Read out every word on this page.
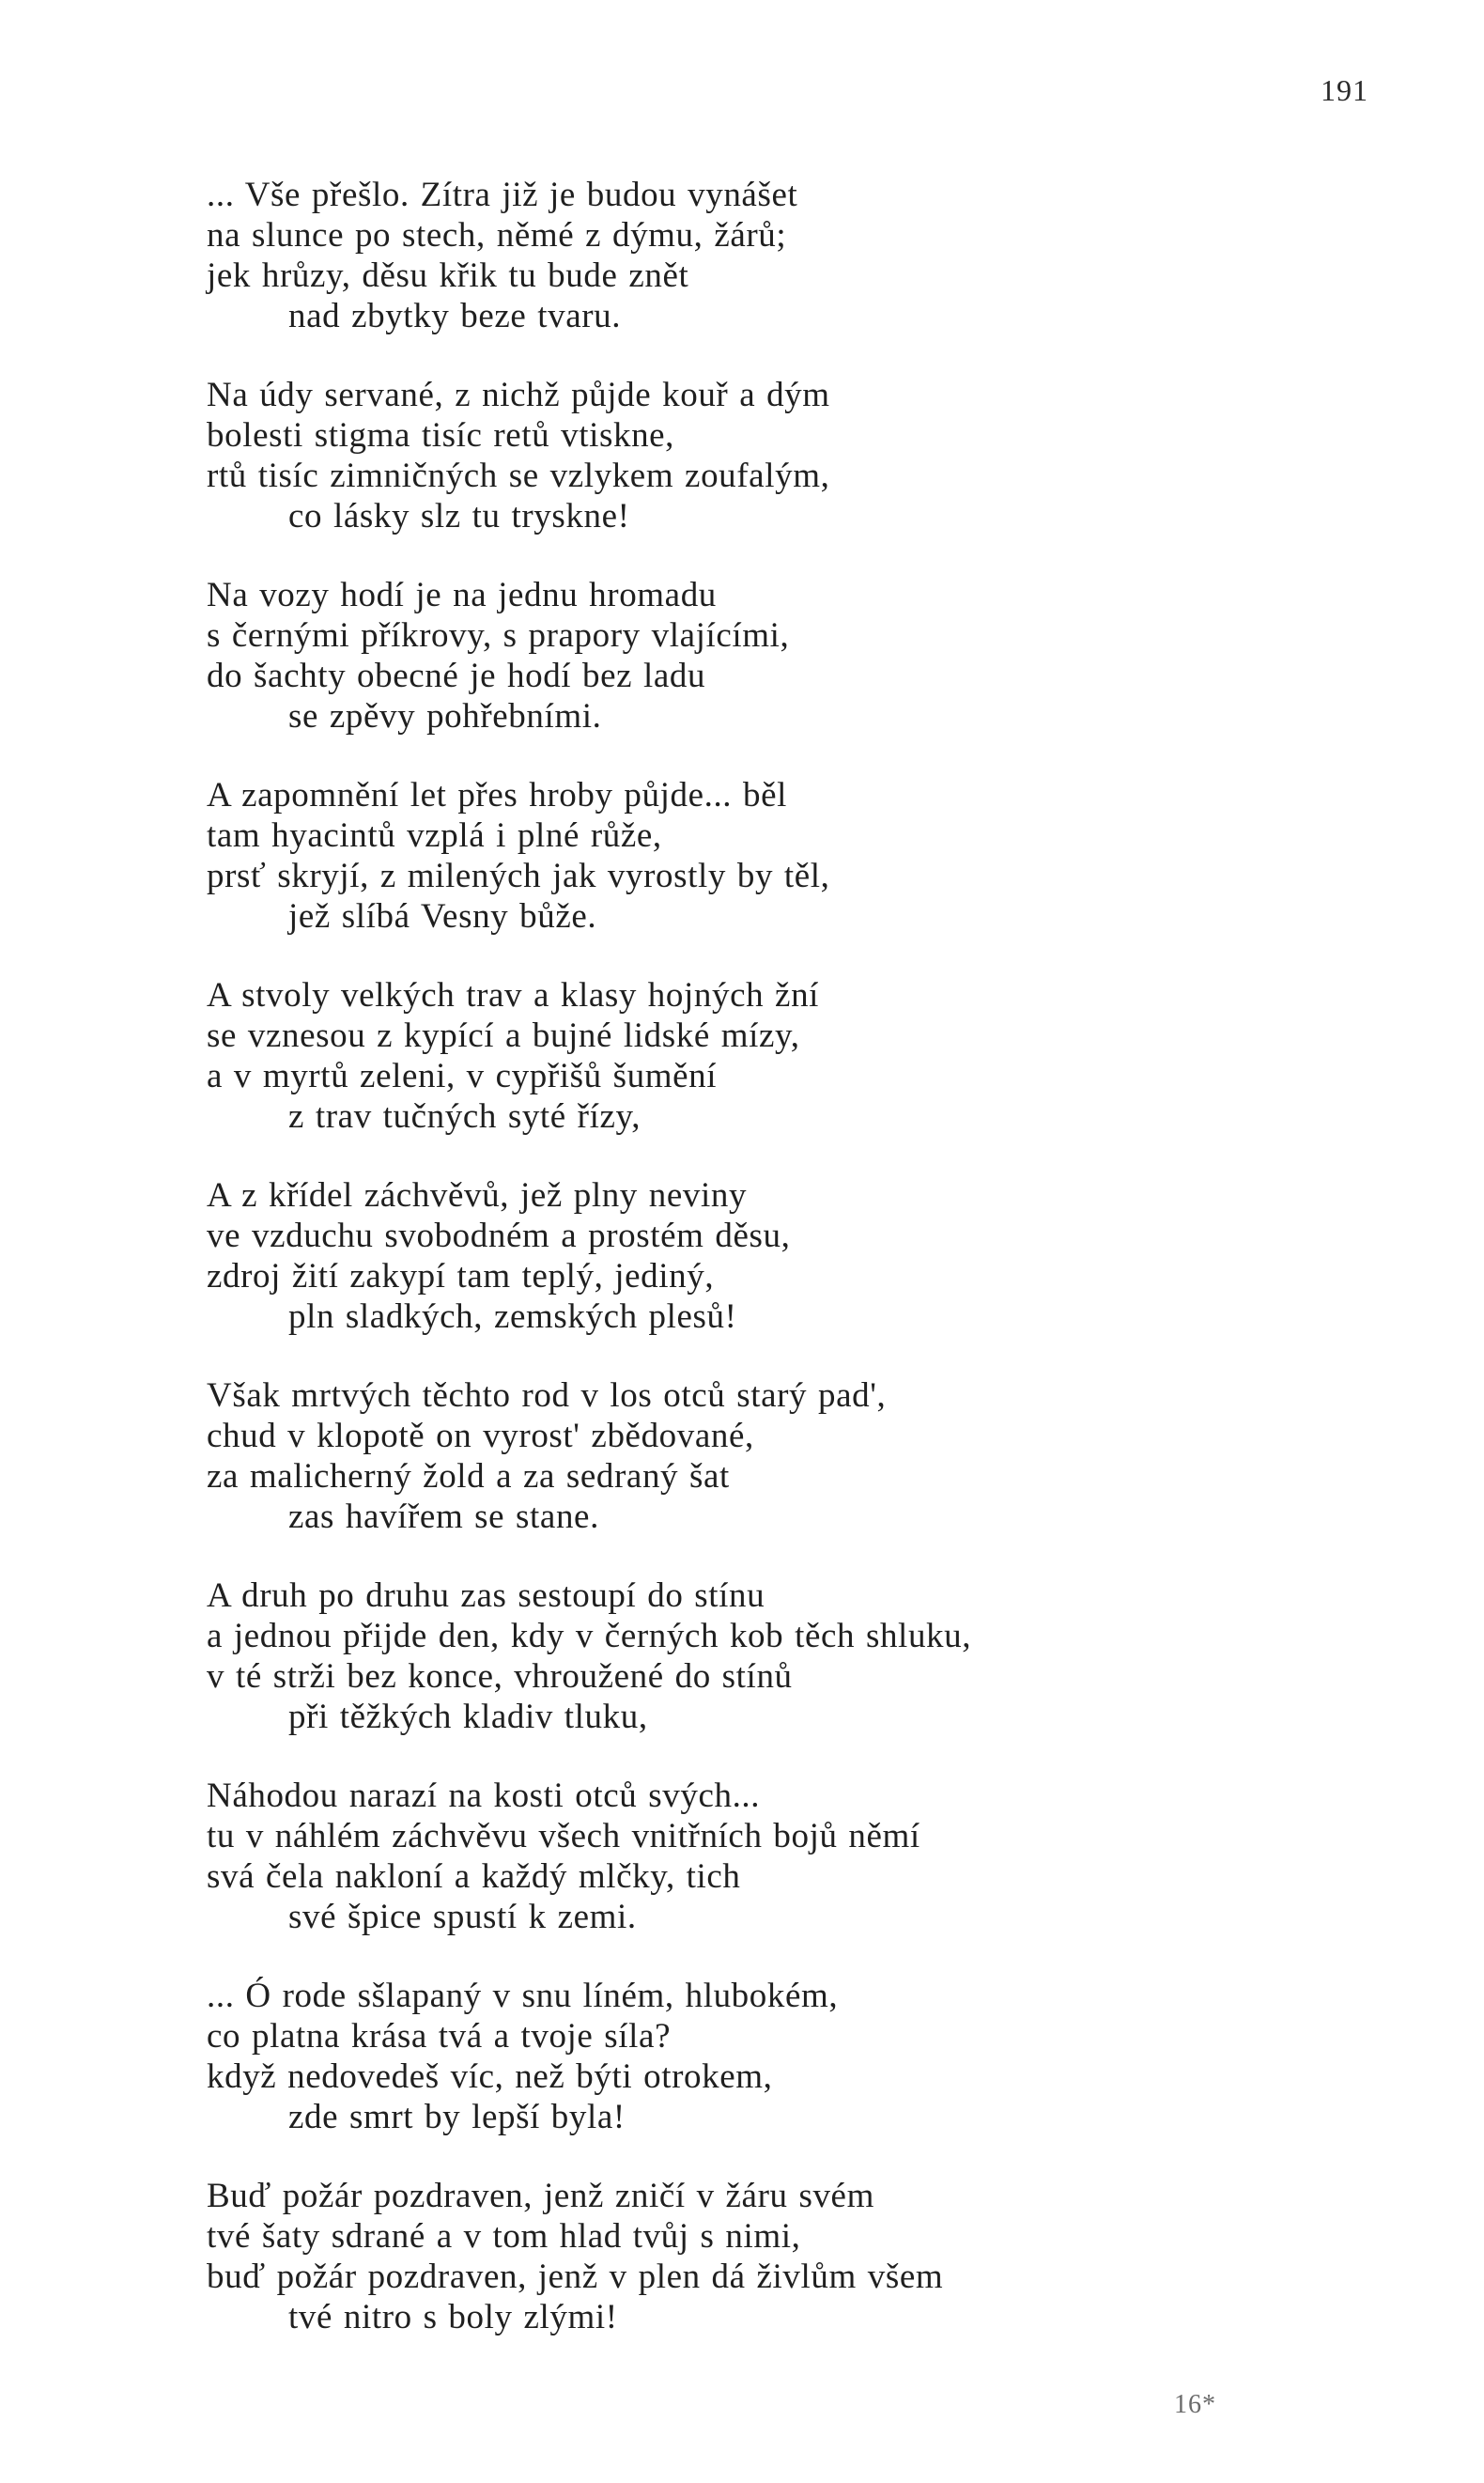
191
... Vše přešlo. Zítra již je budou vynášet
na slunce po stech, němé z dýmu, žárů;
jek hrůzy, děsu křik tu bude znět
nad zbytky beze tvaru.
Na údy servané, z nichž půjde kouř a dým
bolesti stigma tisíc retů vtiskne,
rtů tisíc zimničných se vzlykem zoufalým,
co lásky slz tu tryskne!
Na vozy hodí je na jednu hromadu
s černými příkrovy, s prapory vlajícími,
do šachty obecné je hodí bez ladu
se zpěvy pohřebními.
A zapomnění let přes hroby půjde... běl
tam hyacintů vzplá i plné růže,
prsť skryjí, z milených jak vyrostly by těl,
jež slíbá Vesny bůže.
A stvoly velkých trav a klasy hojných žní
se vznesou z kypící a bujné lidské mízy,
a v myrtů zeleni, v cypřišů šumění
z trav tučných syté řízy,
A z křídel záchvěvů, jež plny neviny
ve vzduchu svobodném a prostém děsu,
zdroj žití zakypí tam teplý, jediný,
pln sladkých, zemských plesů!
Však mrtvých těchto rod v los otců starý pad',
chud v klopotě on vyrost' zbědované,
za malicherný žold a za sedraný šat
zas havířem se stane.
A druh po druhu zas sestoupí do stínu
a jednou přijde den, kdy v černých kob těch shluku,
v té strži bez konce, vhroužené do stínů
při těžkých kladiv tluku,
Náhodou narazí na kosti otců svých...
tu v náhlém záchvěvu všech vnitřních bojů němí
svá čela nakloní a každý mlčky, tich
své špice spustí k zemi.
... Ó rode sšlapaný v snu líném, hlubokém,
co platna krása tvá a tvoje síla?
když nedovedeš víc, než býti otrokem,
zde smrt by lepší byla!
Buď požár pozdraven, jenž zničí v žáru svém
tvé šaty sdrané a v tom hlad tvůj s nimi,
buď požár pozdraven, jenž v plen dá živlům všem
tvé nitro s boly zlými!
16*
